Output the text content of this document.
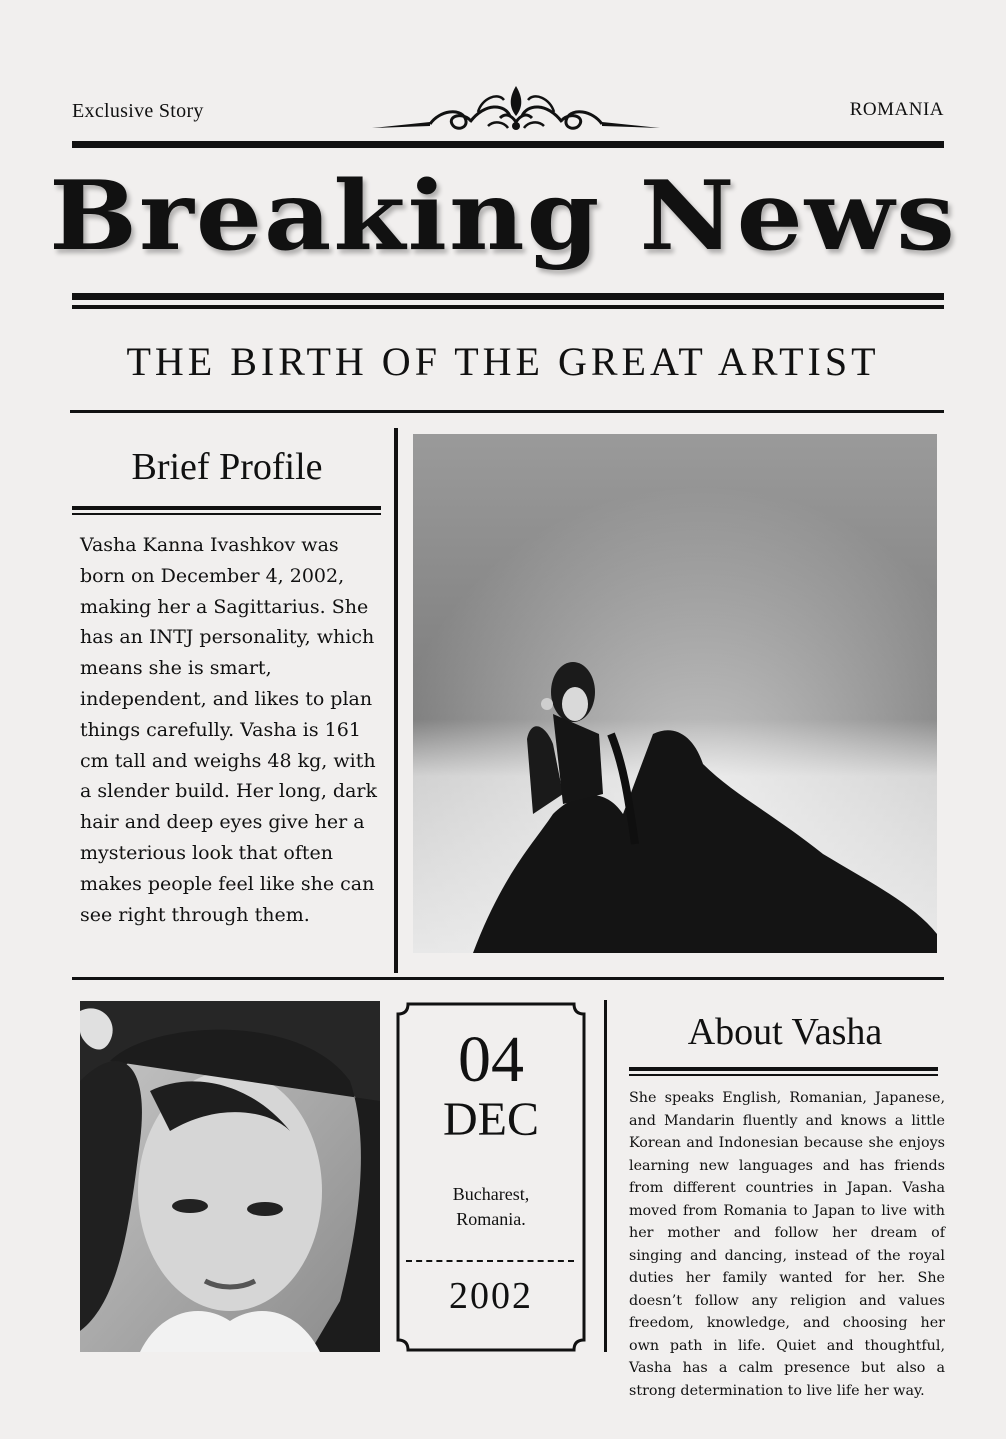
Exclusive Story	ROMANIA
Breaking News
THE BIRTH OF THE GREAT ARTIST
Brief Profile
Vasha Kanna Ivashkov was born on December 4, 2002, making her a Sagittarius. She has an INTJ personality, which means she is smart, independent, and likes to plan things carefully. Vasha is 161 cm tall and weighs 48 kg, with a slender build. Her long, dark hair and deep eyes give her a mysterious look that often makes people feel like she can see right through them.
04
DEC
Bucharest,
Romania.
2002
About Vasha
She speaks English, Romanian, Japanese, and Mandarin fluently and knows a little Korean and Indonesian because she enjoys learning new languages and has friends from different countries in Japan. Vasha moved from Romania to Japan to live with her mother and follow her dream of singing and dancing, instead of the royal duties her family wanted for her. She doesn’t follow any religion and values freedom, knowledge, and choosing her own path in life. Quiet and thoughtful, Vasha has a calm presence but also a strong determination to live life her way.
